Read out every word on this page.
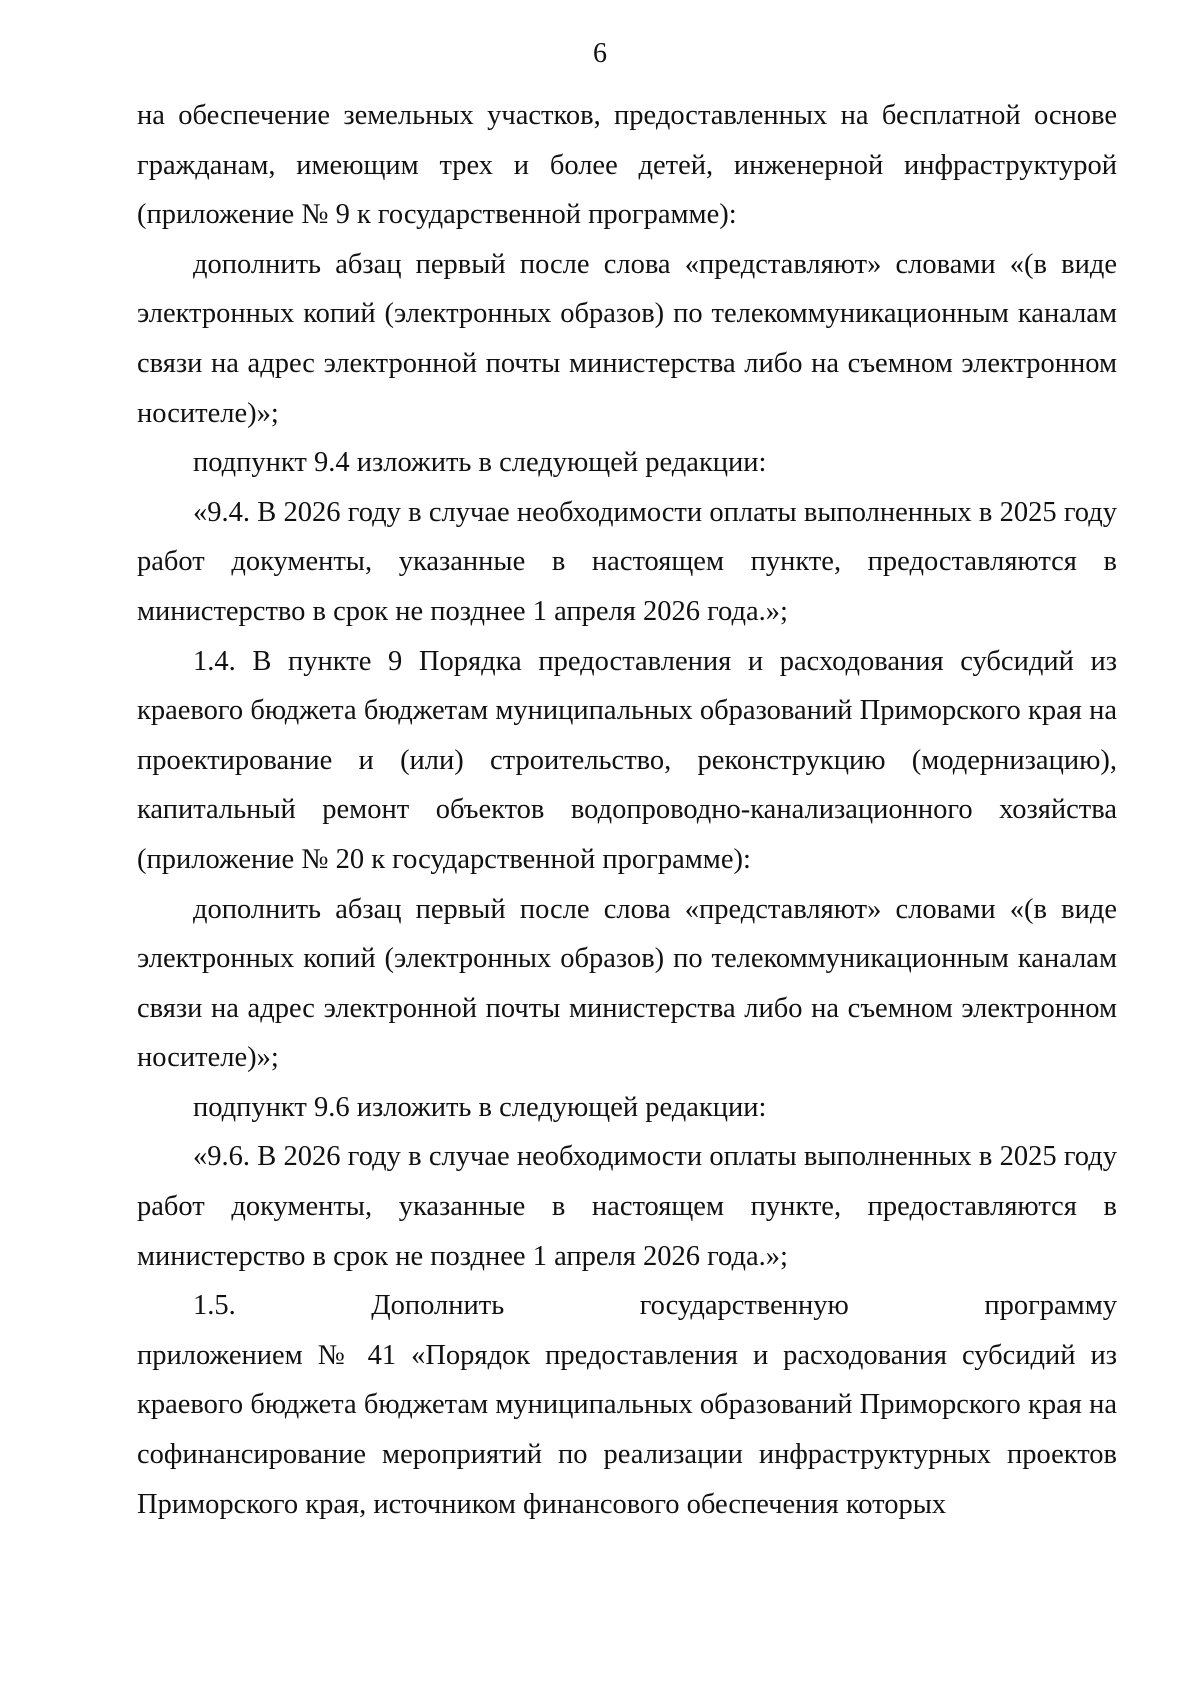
6

на обеспечение земельных участков, предоставленных на бесплатной основе гражданам, имеющим трех и более детей, инженерной инфраструктурой (приложение № 9 к государственной программе):

дополнить абзац первый после слова «представляют» словами «(в виде электронных копий (электронных образов) по телекоммуникационным каналам связи на адрес электронной почты министерства либо на съемном электронном носителе)»;

подпункт 9.4 изложить в следующей редакции:

«9.4. В 2026 году в случае необходимости оплаты выполненных в 2025 году работ документы, указанные в настоящем пункте, предоставляются в министерство в срок не позднее 1 апреля 2026 года.»;

1.4. В пункте 9 Порядка предоставления и расходования субсидий из краевого бюджета бюджетам муниципальных образований Приморского края на проектирование и (или) строительство, реконструкцию (модернизацию), капитальный ремонт объектов водопроводно-канализационного хозяйства (приложение № 20 к государственной программе):

дополнить абзац первый после слова «представляют» словами «(в виде электронных копий (электронных образов) по телекоммуникационным каналам связи на адрес электронной почты министерства либо на съемном электронном носителе)»;

подпункт 9.6 изложить в следующей редакции:

«9.6. В 2026 году в случае необходимости оплаты выполненных в 2025 году работ документы, указанные в настоящем пункте, предоставляются в министерство в срок не позднее 1 апреля 2026 года.»;

1.5.	Дополнить	государственную	программу

приложением № 41 «Порядок предоставления и расходования субсидий из краевого бюджета бюджетам муниципальных образований Приморского края на софинансирование мероприятий по реализации инфраструктурных проектов Приморского края, источником финансового обеспечения которых
